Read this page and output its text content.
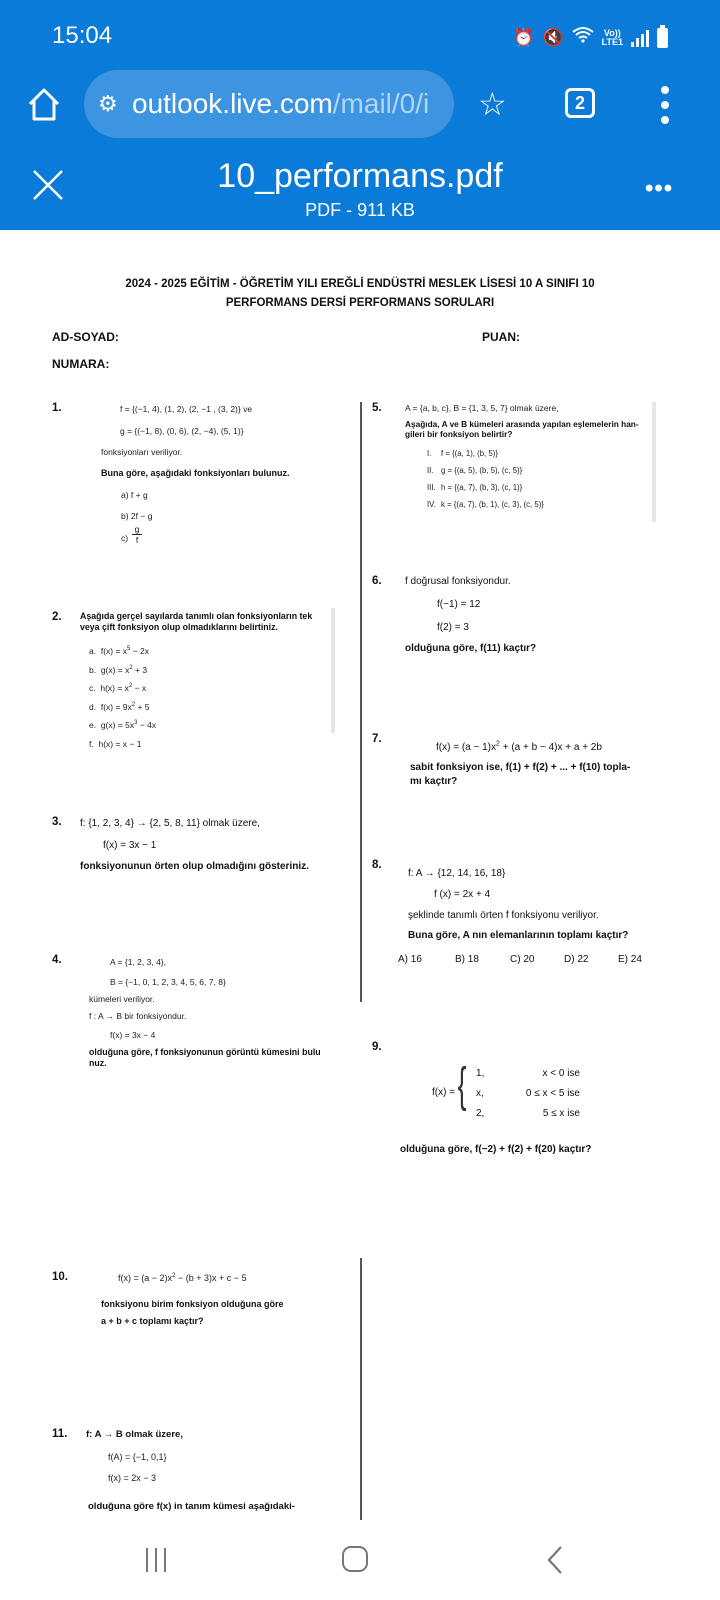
15:04	⏰ 🔇	Vo))
LTE1
⚙ outlook.live.com/mail/0/i ☆	2
10_performans.pdf
PDF - 911 KB
•••
2024 - 2025 EĞİTİM - ÖĞRETİM YILI EREĞLİ ENDÜSTRİ MESLEK LİSESİ 10 A SINIFI 10
PERFORMANS DERSİ PERFORMANS SORULARI
AD-SOYAD:	PUAN:
NUMARA:
1.	f = {(−1, 4), (1, 2), (2, −1 , (3, 2)} ve
g = {(−1, 8), (0, 6), (2, −4), (5, 1)}
fonksiyonları veriliyor.
Buna göre, aşağıdaki fonksiyonları bulunuz.
a) f + g
b) 2f − g
c)
g
f
2. Aşağıda gerçel sayılarda tanımlı olan fonksiyonların tek
veya çift fonksiyon olup olmadıklarını belirtiniz.
a. $f(x) = x^5 - 2x$
b. $g(x) = x^2 + 3$
c. $h(x) = x^2 - x$
d. $f(x) = 9x^2 + 5$
e. $g(x) = 5x^3 - 4x$
f. h(x) = x − 1
3. f: {1, 2, 3, 4} → {2, 5, 8, 11} olmak üzere,
f(x) = 3x − 1
fonksiyonunun örten olup olmadığını gösteriniz.
4.	A = {1, 2, 3, 4},
B = {−1, 0, 1, 2, 3, 4, 5, 6, 7, 8}
kümeleri veriliyor.
f : A → B bir fonksiyondur.
f(x) = 3x − 4
olduğuna göre, f fonksiyonunun görüntü kümesini bulu
nuz.
5.	A = {a, b, c}, B = {1, 3, 5, 7} olmak üzere,
Aşağıda, A ve B kümeleri arasında yapılan eşlemelerin han-
gileri bir fonksiyon belirtir?
I. f = {(a, 1), (b, 5)}
II. g = {(a, 5), (b, 5), (c, 5)}
III. h = {(a, 7), (b, 3), (c, 1)}
IV. k = {(a, 7), (b, 1), (c, 3), (c, 5)}
6. f doğrusal fonksiyondur.
f(−1) = 12
f(2) = 3
olduğuna göre, f(11) kaçtır?
7.
$f(x) = (a - 1)x^2 + (a + b - 4)x + a + 2b$
sabit fonksiyon ise, f(1) + f(2) + ... + f(10) topla-
mı kaçtır?
8.
f: A → {12, 14, 16, 18}
f (x) = 2x + 4
şeklinde tanımlı örten f fonksiyonu veriliyor.
Buna göre, A nın elemanlarının toplamı kaçtır?
A) 16	B) 18	C) 20	D) 22	E) 24
9.
f(x) = { 1,	x < 0 ise
x,	0 ≤ x < 5 ise
2,	5 ≤ x ise
olduğuna göre, f(−2) + f(2) + f(20) kaçtır?
10.	$f(x) = (a - 2)x^2 - (b + 3)x + c - 5$
fonksiyonu birim fonksiyon olduğuna göre
a + b + c toplamı kaçtır?
11. f: A → B olmak üzere,
f(A) = {−1, 0,1}
f(x) = 2x − 3
olduğuna göre f(x) in tanım kümesi aşağıdaki-
